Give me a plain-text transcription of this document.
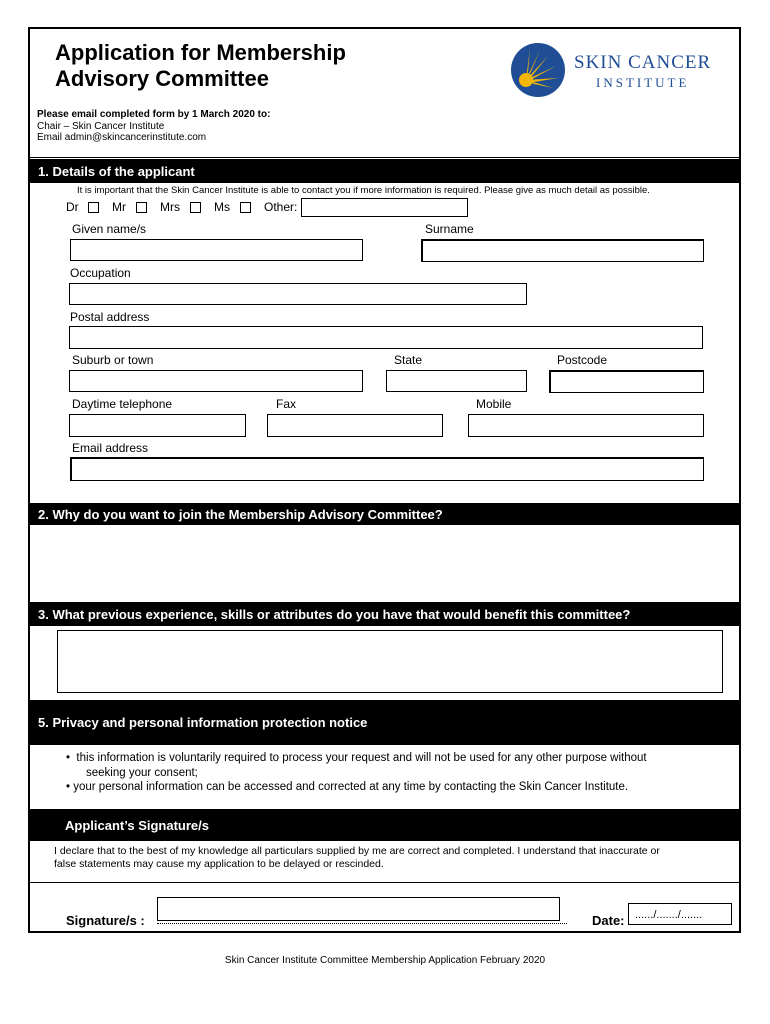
Application for Membership
Advisory Committee
Please email completed form by 1 March 2020 to:
Chair – Skin Cancer Institute
Email admin@skincancerinstitute.com
SKIN CANCER
INSTITUTE
1. Details of the applicant
It is important that the Skin Cancer Institute is able to contact you if more information is required. Please give as much detail as possible.
Dr	Mr	Mrs	Ms	Other:
Given name/s	Surname
Occupation
Postal address
Suburb or town	State	Postcode
Daytime telephone	Fax	Mobile
Email address
2. Why do you want to join the Membership Advisory Committee?
3. What previous experience, skills or attributes do you have that would benefit this committee?
5. Privacy and personal information protection notice
•  this information is voluntarily required to process your request and will not be used for any other purpose without
seeking your consent;
• your personal information can be accessed and corrected at any time by contacting the Skin Cancer Institute.
Applicant’s Signature/s
I declare that to the best of my knowledge all particulars supplied by me are correct and completed. I understand that inaccurate or
false statements may cause my application to be delayed or rescinded.
Signature/s :	Date: ....../......./.......
Skin Cancer Institute Committee Membership Application February 2020
